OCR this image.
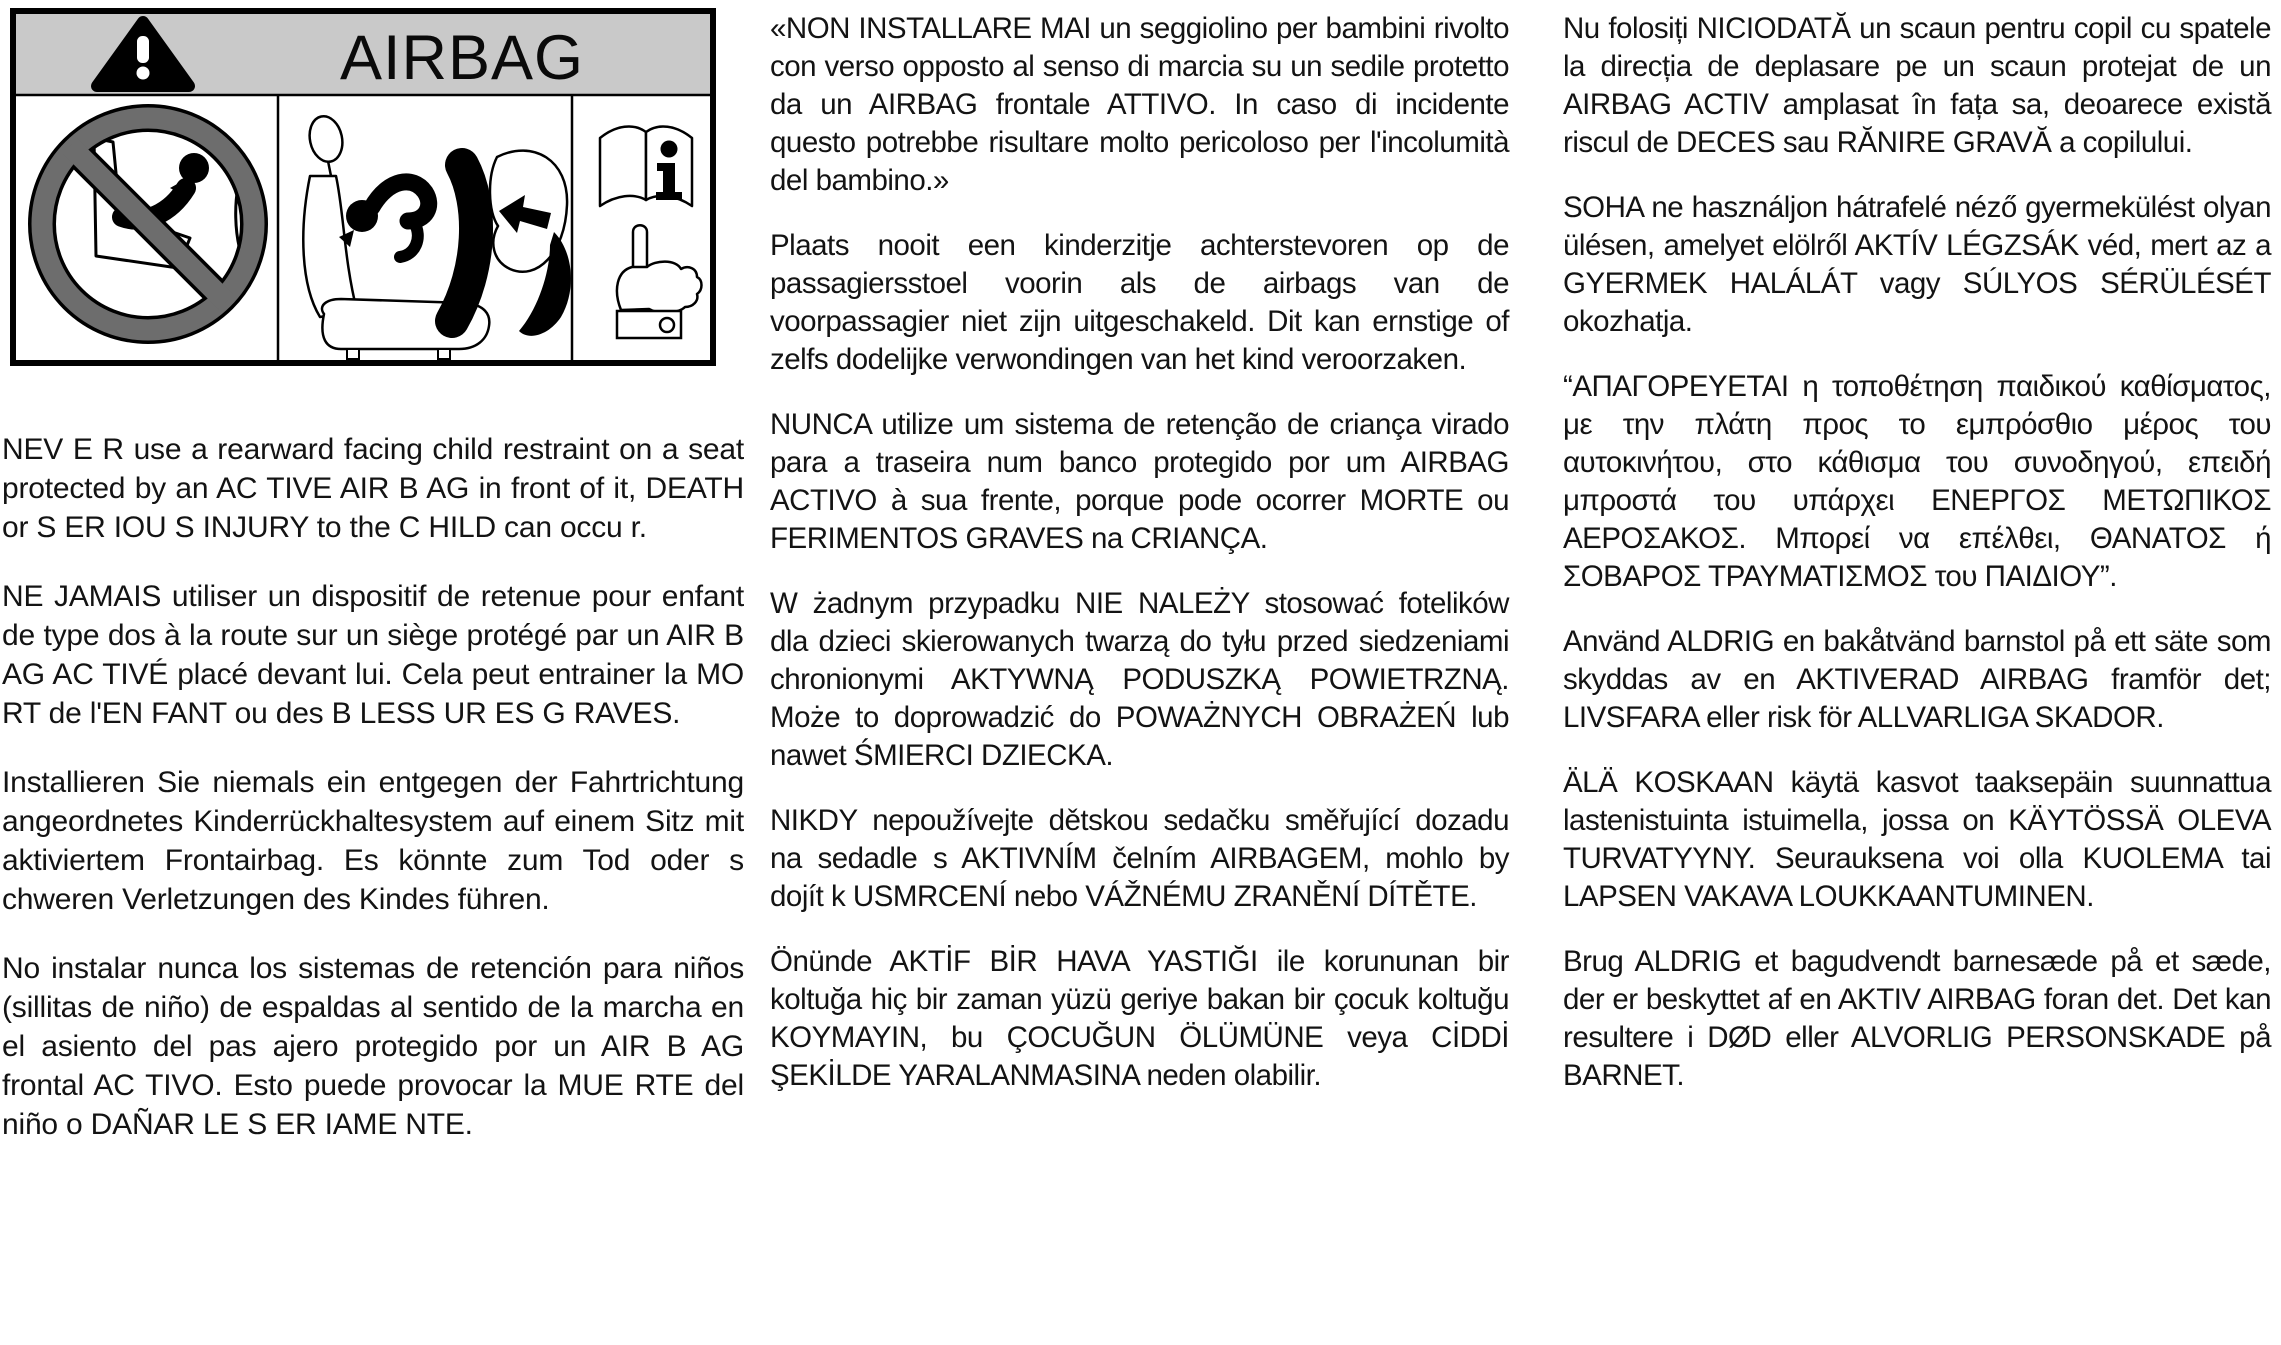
AIRBAG

NEV E R use a rearward facing child restraint on a seat protected by an AC TIVE AIR B AG in front of it, DEATH or S ER IOU S INJURY to the C HILD can occu r.

NE JAMAIS utiliser un dispositif de retenue pour enfant de type dos à la route sur un siège protégé par un AIR B AG AC TIVÉ placé devant lui. Cela peut entrainer la MO RT de l'EN FANT ou des B LESS UR ES G RAVES.

Installieren Sie niemals ein entgegen der Fahrtrichtung angeordnetes Kinderrückhaltesystem auf einem Sitz mit aktiviertem Frontairbag. Es könnte zum Tod oder s chweren Verletzungen des Kindes führen.

No instalar nunca los sistemas de retención para niños (sillitas de niño) de espaldas al sentido de la marcha en el asiento del pas ajero protegido por un AIR B AG frontal AC TIVO. Esto puede provocar la MUE RTE del niño o DAÑAR LE S ER IAME NTE.

«NON INSTALLARE MAI un seggiolino per bambini rivolto con verso opposto al senso di marcia su un sedile protetto da un AIRBAG frontale ATTIVO. In caso di incidente questo potrebbe risultare molto pericoloso per l'incolumità del bambino.»

Plaats nooit een kinderzitje achterstevoren op de passagiersstoel voorin als de airbags van de voorpassagier niet zijn uitgeschakeld. Dit kan ernstige of zelfs dodelijke verwondingen van het kind veroorzaken.

NUNCA utilize um sistema de retenção de criança virado para a traseira num banco protegido por um AIRBAG ACTIVO à sua frente, porque pode ocorrer MORTE ou FERIMENTOS GRAVES na CRIANÇA.

W żadnym przypadku NIE NALEŻY stosować fotelików dla dzieci skierowanych twarzą do tyłu przed siedzeniami chronionymi AKTYWNĄ PODUSZKĄ POWIETRZNĄ. Może to doprowadzić do POWAŻNYCH OBRAŻEŃ lub nawet ŚMIERCI DZIECKA.

NIKDY nepoužívejte dětskou sedačku směřující dozadu na sedadle s AKTIVNÍM čelním AIRBAGEM, mohlo by dojít k USMRCENÍ nebo VÁŽNÉMU ZRANĚNÍ DÍTĚTE.

Önünde AKTİF BİR HAVA YASTIĞI ile korununan bir koltuğa hiç bir zaman yüzü geriye bakan bir çocuk koltuğu KOYMAYIN, bu ÇOCUĞUN ÖLÜMÜNE veya CİDDİ ŞEKİLDE YARALANMASINA neden olabilir.

Nu folosiți NICIODATĂ un scaun pentru copil cu spatele la direcția de deplasare pe un scaun protejat de un AIRBAG ACTIV amplasat în fața sa, deoarece există riscul de DECES sau RĂNIRE GRAVĂ a copilului.

SOHA ne használjon hátrafelé néző gyermekülést olyan ülésen, amelyet elölről AKTÍV LÉGZSÁK véd, mert az a GYERMEK HALÁLÁT vagy SÚLYOS SÉRÜLÉSÉT okozhatja.

“ΑΠΑΓΟΡΕΥΕΤΑΙ η τοποθέτηση παιδικού καθίσματος, με την πλάτη προς το εμπρόσθιο μέρος του αυτοκινήτου, στο κάθισμα του συνοδηγού, επειδή μπροστά του υπάρχει ΕΝΕΡΓΟΣ ΜΕΤΩΠΙΚΟΣ ΑΕΡΟΣΑΚΟΣ. Μπορεί να επέλθει, ΘΑΝΑΤΟΣ ή ΣΟΒΑΡΟΣ ΤΡΑΥΜΑΤΙΣΜΟΣ του ΠΑΙΔΙΟΥ”.

Använd ALDRIG en bakåtvänd barnstol på ett säte som skyddas av en AKTIVERAD AIRBAG framför det; LIVSFARA eller risk för ALLVARLIGA SKADOR.

ÄLÄ KOSKAAN käytä kasvot taaksepäin suunnattua lastenistuinta istuimella, jossa on KÄYTÖSSÄ OLEVA TURVATYYNY. Seurauksena voi olla KUOLEMA tai LAPSEN VAKAVA LOUKKAANTUMINEN.

Brug ALDRIG et bagudvendt barnesæde på et sæde, der er beskyttet af en AKTIV AIRBAG foran det. Det kan resultere i DØD eller ALVORLIG PERSONSKADE på BARNET.
